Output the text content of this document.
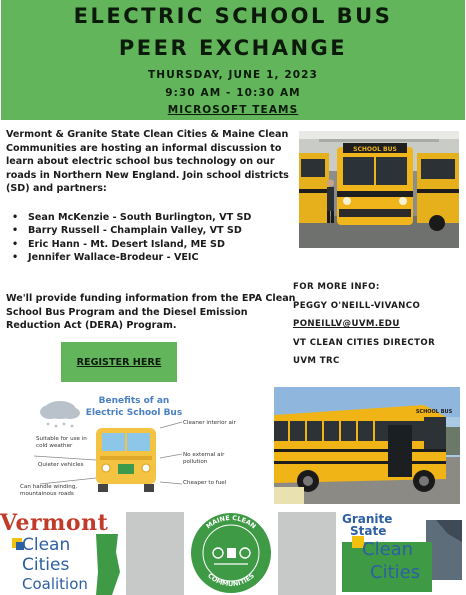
ELECTRIC SCHOOL BUS
PEER EXCHANGE
THURSDAY, JUNE 1, 2023
9:30 AM - 10:30 AM
MICROSOFT TEAMS
Vermont & Granite State Clean Cities & Maine Clean Communities are hosting an informal discussion to learn about electric school bus technology on our roads in Northern New England. Join school districts (SD) and partners:
• Sean McKenzie - South Burlington, VT SD
• Barry Russell - Champlain Valley, VT SD
• Eric Hann - Mt. Desert Island, ME SD
• Jennifer Wallace-Brodeur - VEIC
We'll provide funding information from the EPA Clean School Bus Program and the Diesel Emission Reduction Act (DERA) Program.
REGISTER HERE
SCHOOL BUS
FOR MORE INFO:
PEGGY O'NEILL-VIVANCO
PONEILLV@UVM.EDU
VT CLEAN CITIES DIRECTOR
UVM TRC
Benefits of an Electric School Bus
Suitable for use in cold weather
Cleaner interior air
Quieter vehicles
No external air pollution
Can handle winding, mountainous roads
Cheaper to fuel
SCHOOL BUS
Vermont
Clean
Cities
Coalition
MAINE CLEAN
COMMUNITIES
Granite
State
Clean
Cities
